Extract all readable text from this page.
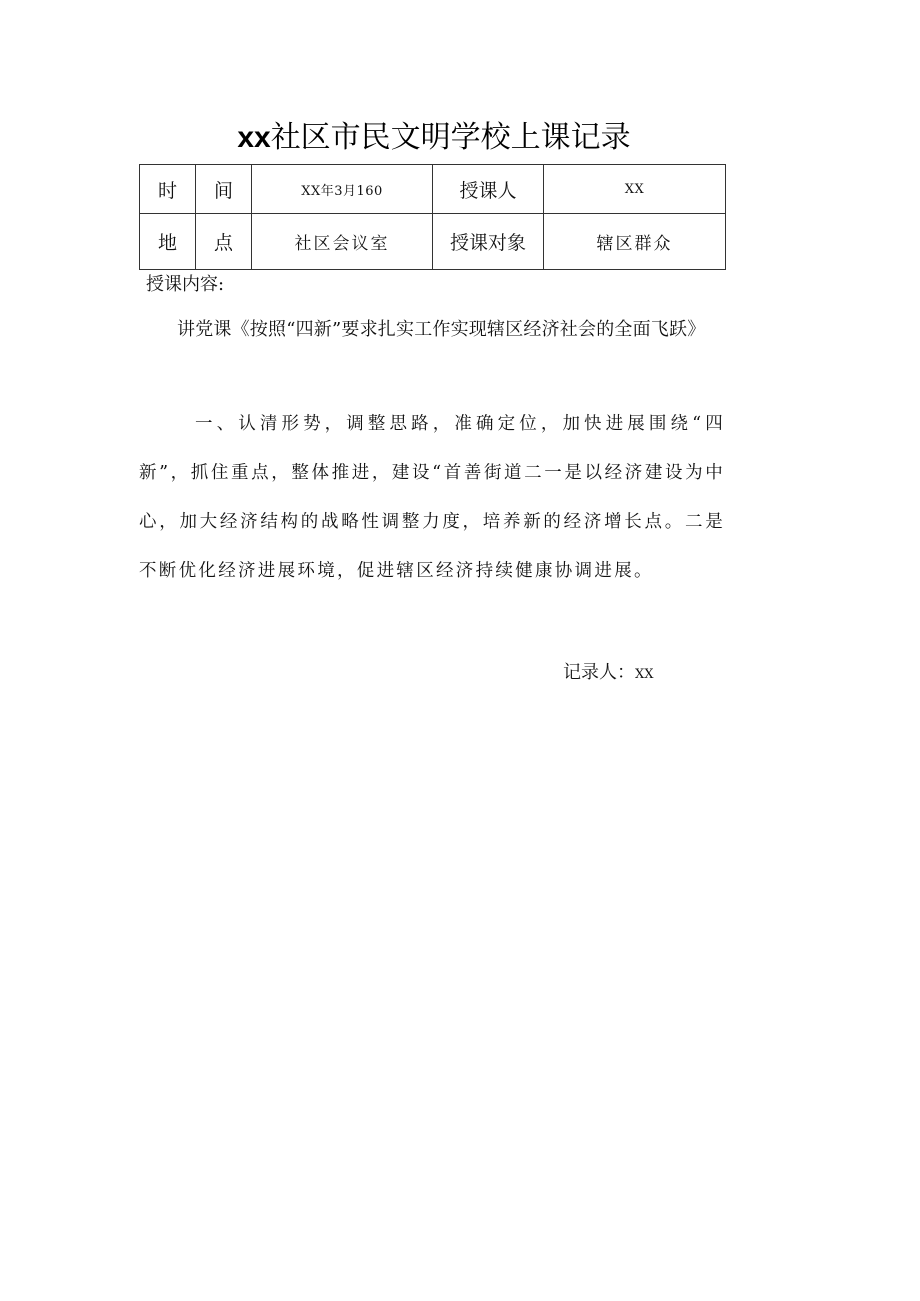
xx社区市民文明学校上课记录
时	间	XX年3月160	授课人	XX
地	点	社区会议室	授课对象	辖区群众
授课内容:
讲党课《按照“四新”要求扎实工作实现辖区经济社会的全面飞跃》
一、认清形势，调整思路，准确定位，加快进展围绕“四新”，抓住重点，整体推进，建设“首善街道二一是以经济建设为中心，加大经济结构的战略性调整力度，培养新的经济增长点。二是不断优化经济进展环境，促进辖区经济持续健康协调进展。
记录人：XX
